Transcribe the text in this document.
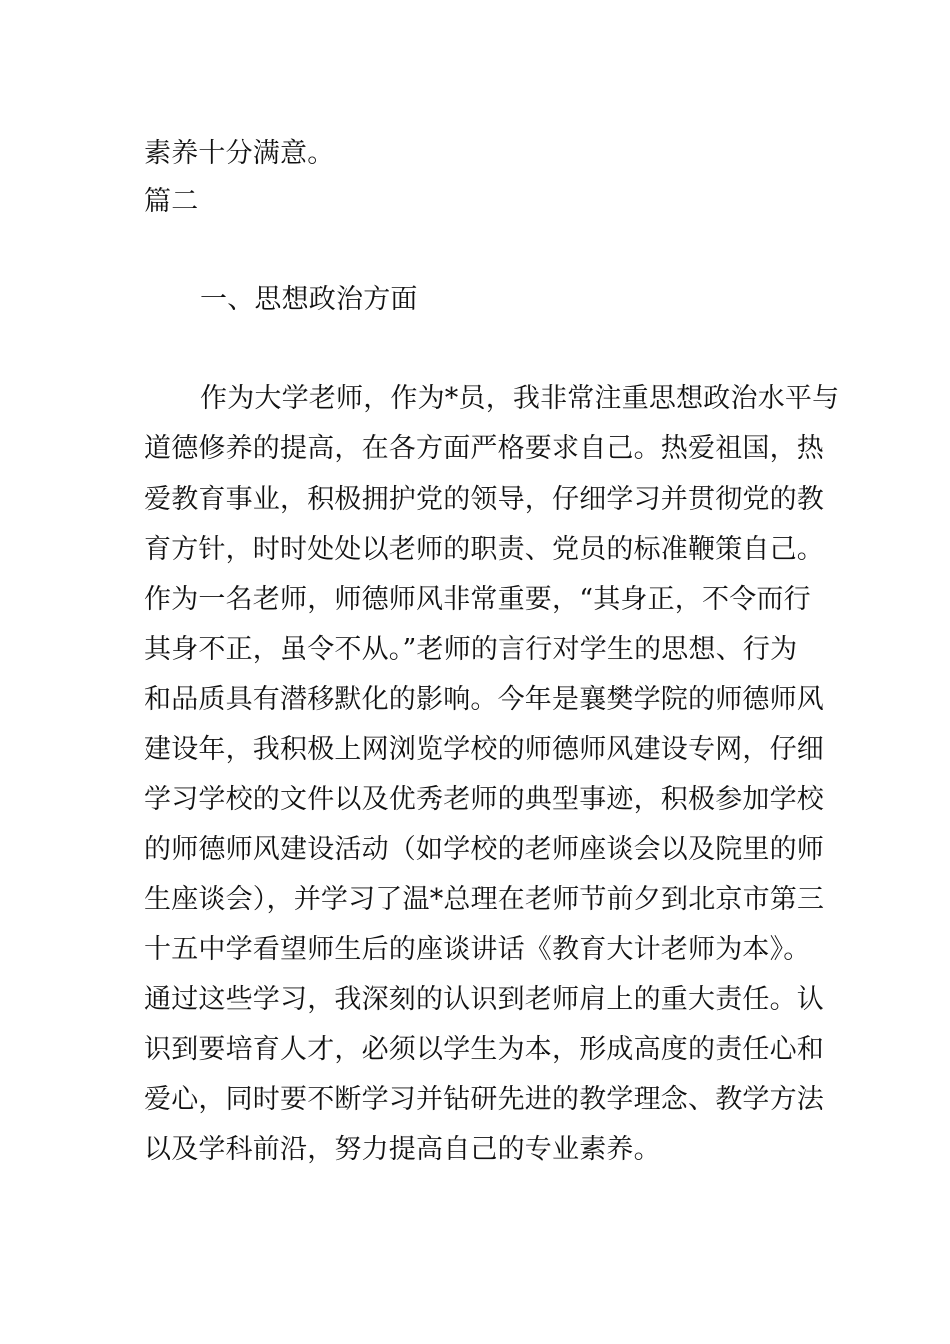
素养十分满意。
篇二
一、思想政治方面
作为大学老师，作为*员，我非常注重思想政治水平与
道德修养的提高，在各方面严格要求自己。热爱祖国，热
爱教育事业，积极拥护党的领导，仔细学习并贯彻党的教
育方针，时时处处以老师的职责、党员的标准鞭策自己。
作为一名老师，师德师风非常重要，“其身正，不令而行
其身不正，虽令不从。”老师的言行对学生的思想、行为
和品质具有潜移默化的影响。今年是襄樊学院的师德师风
建设年，我积极上网浏览学校的师德师风建设专网，仔细
学习学校的文件以及优秀老师的典型事迹，积极参加学校
的师德师风建设活动（如学校的老师座谈会以及院里的师
生座谈会），并学习了温*总理在老师节前夕到北京市第三
十五中学看望师生后的座谈讲话《教育大计老师为本》。
通过这些学习，我深刻的认识到老师肩上的重大责任。认
识到要培育人才，必须以学生为本，形成高度的责任心和
爱心，同时要不断学习并钻研先进的教学理念、教学方法
以及学科前沿，努力提高自己的专业素养。
